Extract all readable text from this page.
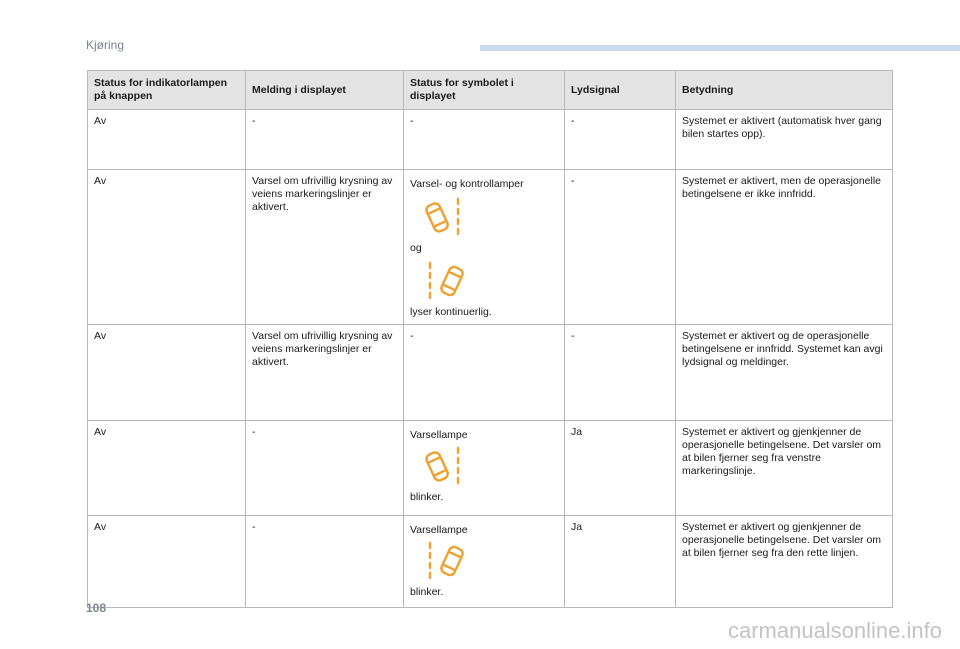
Kjøring
Status for indikatorlampen på knappen	Melding i displayet	Status for symbolet i displayet	Lydsignal	Betydning
Av	-	-	-	Systemet er aktivert (automatisk hver gang bilen startes opp).
Av	Varsel om ufrivillig krysning av veiens markeringslinjer er aktivert.	Varsel- og kontrollamper
og
lyser kontinuerlig.	-	Systemet er aktivert, men de operasjonelle betingelsene er ikke innfridd.
Av	Varsel om ufrivillig krysning av veiens markeringslinjer er aktivert.	-	-	Systemet er aktivert og de operasjonelle betingelsene er innfridd. Systemet kan avgi lydsignal og meldinger.
Av	-	Varsellampe
blinker.	Ja	Systemet er aktivert og gjenkjenner de operasjonelle betingelsene. Det varsler om at bilen fjerner seg fra venstre markeringslinje.
Av	-	Varsellampe
blinker.	Ja	Systemet er aktivert og gjenkjenner de operasjonelle betingelsene. Det varsler om at bilen fjerner seg fra den rette linjen.
108
carmanualsonline.info
